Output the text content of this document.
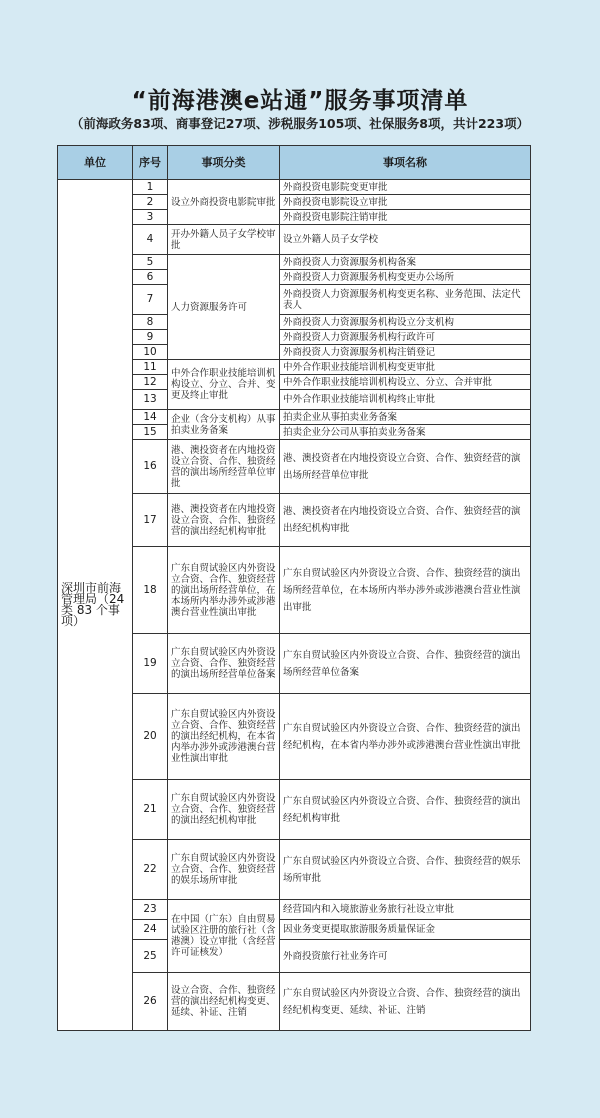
“前海港澳e站通”服务事项清单
（前海政务83项、商事登记27项、涉税服务105项、社保服务8项，共计223项）
单位	序号	事项分类	事项名称
深圳市前海管理局（24类 83 个事项）	1	设立外商投资电影院审批	外商投资电影院变更审批
	2		外商投资电影院设立审批
	3		外商投资电影院注销审批
	4	开办外籍人员子女学校审批	设立外籍人员子女学校
	5	人力资源服务许可	外商投资人力资源服务机构备案
	6		外商投资人力资源服务机构变更办公场所
	7		外商投资人力资源服务机构变更名称、业务范围、法定代表人
	8		外商投资人力资源服务机构设立分支机构
	9		外商投资人力资源服务机构行政许可
	10		外商投资人力资源服务机构注销登记
	11	中外合作职业技能培训机构设立、分立、合并、变更及终止审批	中外合作职业技能培训机构变更审批
	12		中外合作职业技能培训机构设立、分立、合并审批
	13		中外合作职业技能培训机构终止审批
	14	企业（含分支机构）从事拍卖业务备案	拍卖企业从事拍卖业务备案
	15		拍卖企业分公司从事拍卖业务备案
	16	港、澳投资者在内地投资设立合资、合作、独资经营的演出场所经营单位审批	港、澳投资者在内地投资设立合资、合作、独资经营的演出场所经营单位审批
	17	港、澳投资者在内地投资设立合资、合作、独资经营的演出经纪机构审批	港、澳投资者在内地投资设立合资、合作、独资经营的演出经纪机构审批
	18	广东自贸试验区内外资设立合资、合作、独资经营的演出场所经营单位，在本场所内举办涉外或涉港澳台营业性演出审批	广东自贸试验区内外资设立合资、合作、独资经营的演出场所经营单位，在本场所内举办涉外或涉港澳台营业性演出审批
	19	广东自贸试验区内外资设立合资、合作、独资经营的演出场所经营单位备案	广东自贸试验区内外资设立合资、合作、独资经营的演出场所经营单位备案
	20	广东自贸试验区内外资设立合资、合作、独资经营的演出经纪机构，在本省内举办涉外或涉港澳台营业性演出审批	广东自贸试验区内外资设立合资、合作、独资经营的演出经纪机构，在本省内举办涉外或涉港澳台营业性演出审批
	21	广东自贸试验区内外资设立合资、合作、独资经营的演出经纪机构审批	广东自贸试验区内外资设立合资、合作、独资经营的演出经纪机构审批
	22	广东自贸试验区内外资设立合资、合作、独资经营的娱乐场所审批	广东自贸试验区内外资设立合资、合作、独资经营的娱乐场所审批
	23	在中国（广东）自由贸易试验区注册的旅行社（含港澳）设立审批（含经营许可证核发）	经营国内和入境旅游业务旅行社设立审批
	24		因业务变更提取旅游服务质量保证金
	25		外商投资旅行社业务许可
	26	设立合资、合作、独资经营的演出经纪机构变更、延续、补证、注销	广东自贸试验区内外资设立合资、合作、独资经营的演出经纪机构变更、延续、补证、注销
